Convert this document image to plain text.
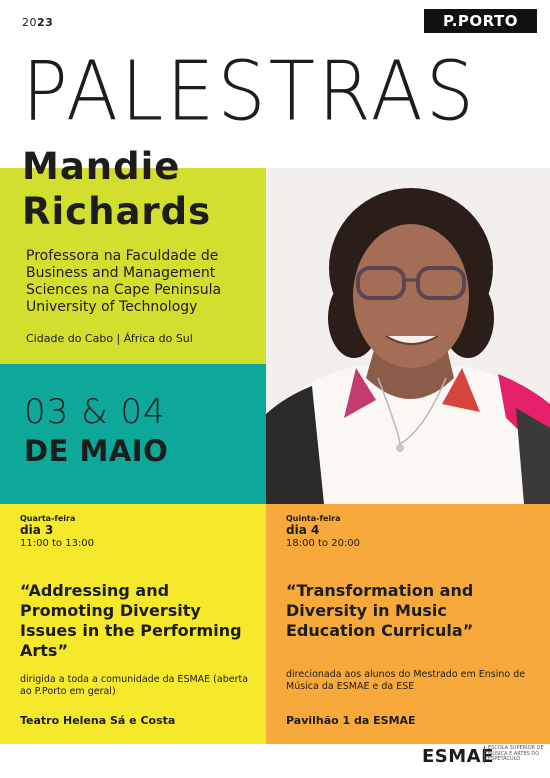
2023	P.PORTO
PALESTRAS
Mandie
Richards
Professora na Faculdade de Business and Management Sciences na Cape Peninsula University of Technology
Cidade do Cabo | África do Sul
03 & 04
DE MAIO
Quarta-feira
dia 3
11:00 to 13:00
Quinta-feira
dia 4
18:00 to 20:00
“Addressing and Promoting Diversity Issues in the Performing Arts”
“Transformation and Diversity in Music Education Curricula”
dirigida a toda a comunidade da ESMAE (aberta ao P.Porto em geral)
direcionada aos alunos do Mestrado em Ensino de Música da ESMAE e da ESE
Teatro Helena Sá e Costa	Pavilhão 1 da ESMAE
ESMAE
ESCOLA SUPERIOR DE MÚSICA E ARTES DO ESPETÁCULO
